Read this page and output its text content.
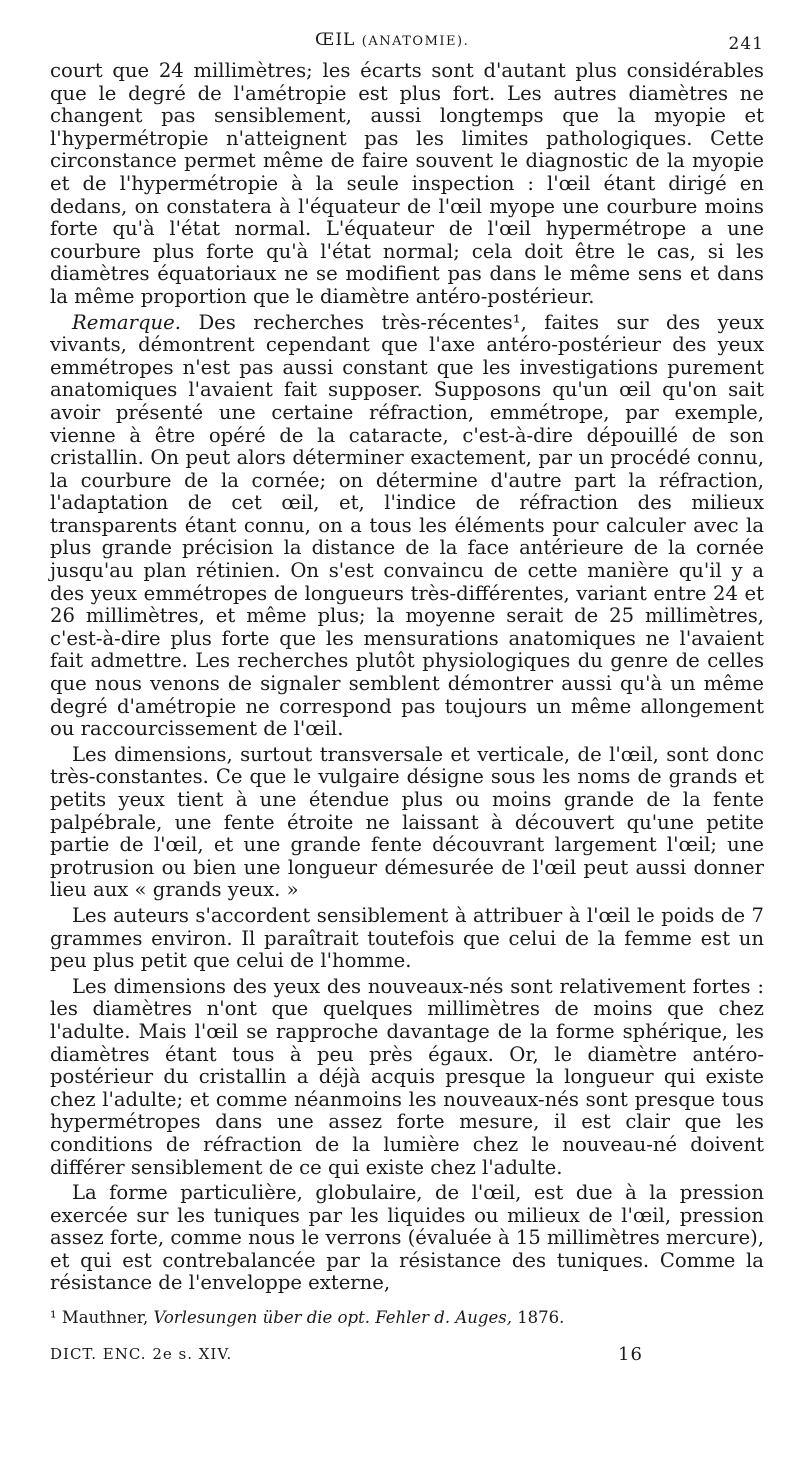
ŒIL (ANATOMIE).	241

court que 24 millimètres; les écarts sont d'autant plus considérables que le degré de l'amétropie est plus fort. Les autres diamètres ne changent pas sensiblement, aussi longtemps que la myopie et l'hypermétropie n'atteignent pas les limites pathologiques. Cette circonstance permet même de faire souvent le diagnostic de la myopie et de l'hypermétropie à la seule inspection : l'œil étant dirigé en dedans, on constatera à l'équateur de l'œil myope une courbure moins forte qu'à l'état normal. L'équateur de l'œil hypermétrope a une courbure plus forte qu'à l'état normal; cela doit être le cas, si les diamètres équatoriaux ne se modifient pas dans le même sens et dans la même proportion que le diamètre antéro-postérieur.

Remarque. Des recherches très-récentes¹, faites sur des yeux vivants, démontrent cependant que l'axe antéro-postérieur des yeux emmétropes n'est pas aussi constant que les investigations purement anatomiques l'avaient fait supposer. Supposons qu'un œil qu'on sait avoir présenté une certaine réfraction, emmétrope, par exemple, vienne à être opéré de la cataracte, c'est-à-dire dépouillé de son cristallin. On peut alors déterminer exactement, par un procédé connu, la courbure de la cornée; on détermine d'autre part la réfraction, l'adaptation de cet œil, et, l'indice de réfraction des milieux transparents étant connu, on a tous les éléments pour calculer avec la plus grande précision la distance de la face antérieure de la cornée jusqu'au plan rétinien. On s'est convaincu de cette manière qu'il y a des yeux emmétropes de longueurs très-différentes, variant entre 24 et 26 millimètres, et même plus; la moyenne serait de 25 millimètres, c'est-à-dire plus forte que les mensurations anatomiques ne l'avaient fait admettre. Les recherches plutôt physiologiques du genre de celles que nous venons de signaler semblent démontrer aussi qu'à un même degré d'amétropie ne correspond pas toujours un même allongement ou raccourcissement de l'œil.

Les dimensions, surtout transversale et verticale, de l'œil, sont donc très-constantes. Ce que le vulgaire désigne sous les noms de grands et petits yeux tient à une étendue plus ou moins grande de la fente palpébrale, une fente étroite ne laissant à découvert qu'une petite partie de l'œil, et une grande fente découvrant largement l'œil; une protrusion ou bien une longueur démesurée de l'œil peut aussi donner lieu aux « grands yeux. »

Les auteurs s'accordent sensiblement à attribuer à l'œil le poids de 7 grammes environ. Il paraîtrait toutefois que celui de la femme est un peu plus petit que celui de l'homme.

Les dimensions des yeux des nouveaux-nés sont relativement fortes : les diamètres n'ont que quelques millimètres de moins que chez l'adulte. Mais l'œil se rapproche davantage de la forme sphérique, les diamètres étant tous à peu près égaux. Or, le diamètre antéro-postérieur du cristallin a déjà acquis presque la longueur qui existe chez l'adulte; et comme néanmoins les nouveaux-nés sont presque tous hypermétropes dans une assez forte mesure, il est clair que les conditions de réfraction de la lumière chez le nouveau-né doivent différer sensiblement de ce qui existe chez l'adulte.

La forme particulière, globulaire, de l'œil, est due à la pression exercée sur les tuniques par les liquides ou milieux de l'œil, pression assez forte, comme nous le verrons (évaluée à 15 millimètres mercure), et qui est contrebalancée par la résistance des tuniques. Comme la résistance de l'enveloppe externe,

¹ Mauthner, Vorlesungen über die opt. Fehler d. Auges, 1876.
DICT. ENC. 2e s. XIV.	16
